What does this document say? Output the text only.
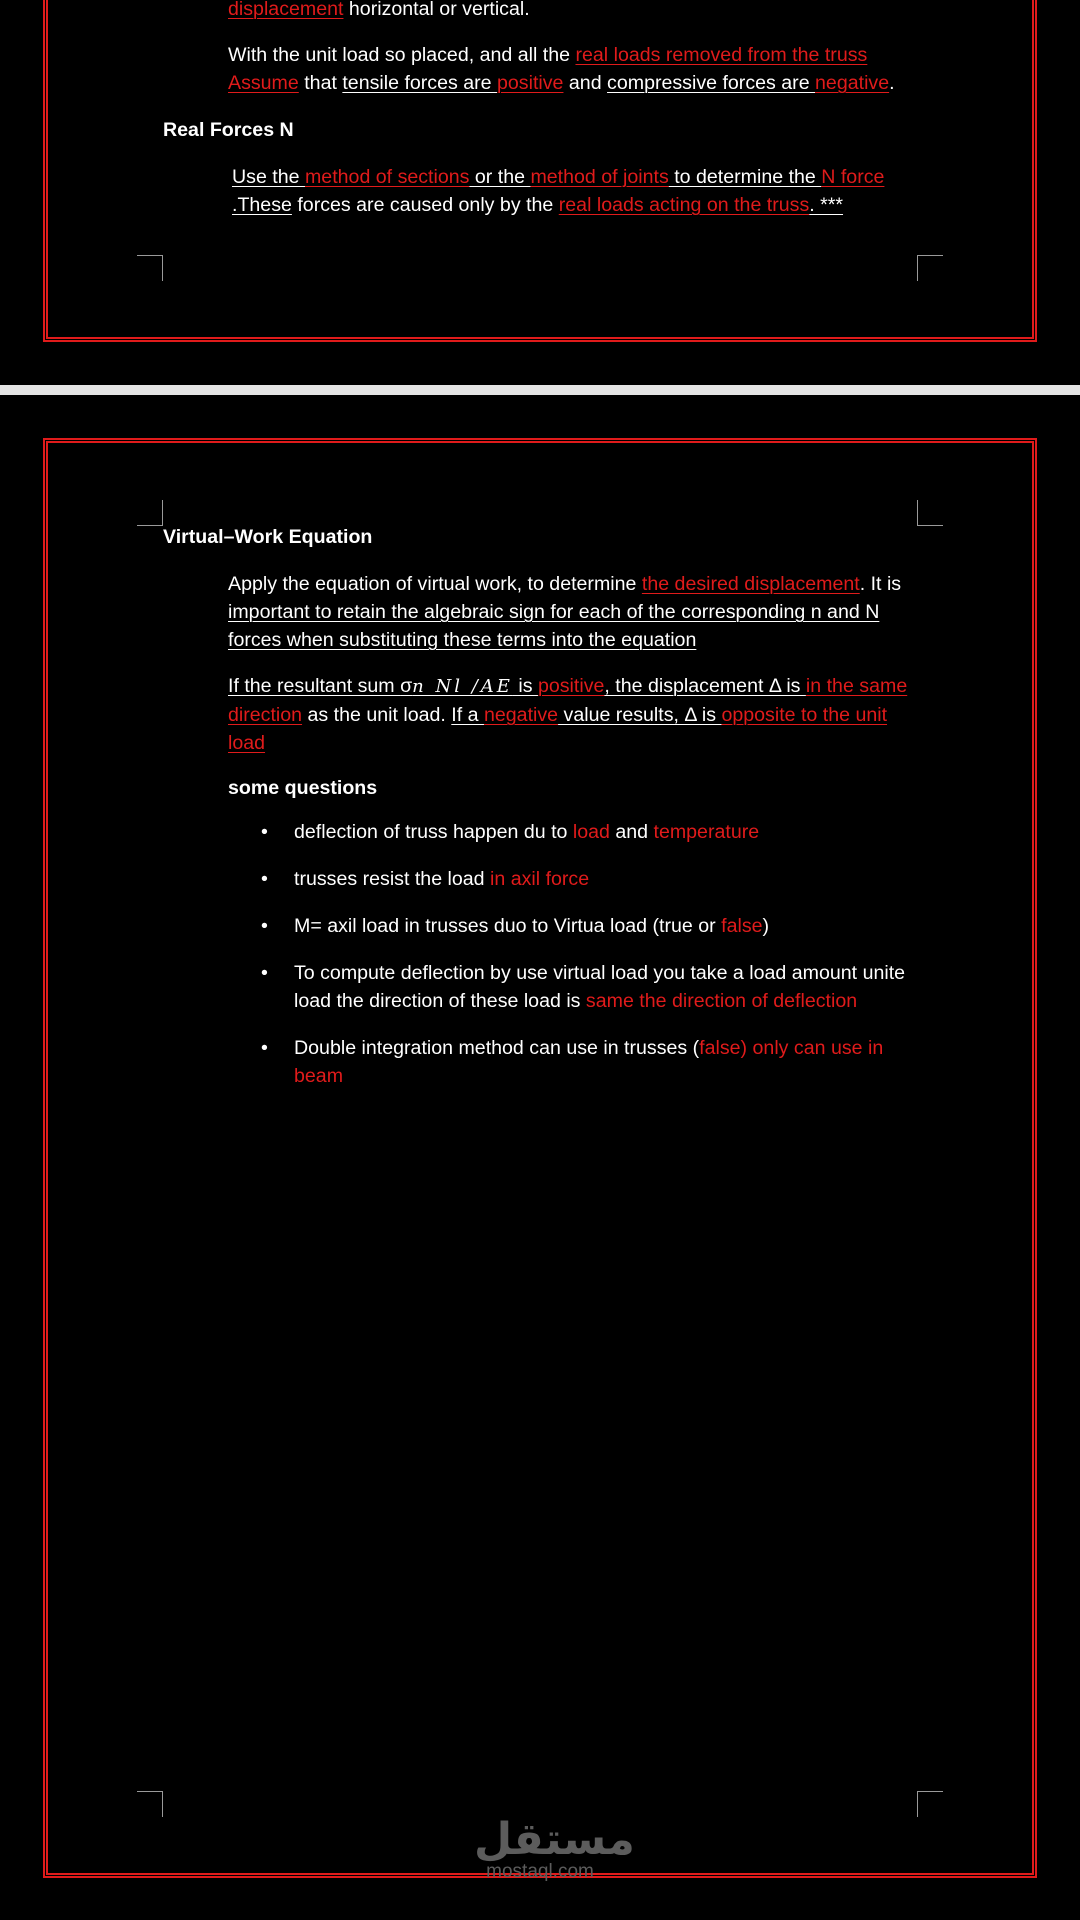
displacement horizontal or vertical.
With the unit load so placed, and all the real loads removed from the truss
Assume that tensile forces are positive and compressive forces are negative.
Real Forces N
Use the method of sections or the method of joints to determine the N force
.These forces are caused only by the real loads acting on the truss. ***
Virtual–Work Equation
Apply the equation of virtual work, to determine the desired displacement. It is important to retain the algebraic sign for each of the corresponding n and N forces when substituting these terms into the equation
If the resultant sum σn Nl /AE is positive, the displacement Δ is in the same direction as the unit load. If a negative value results, Δ is opposite to the unit load
some questions
• deflection of truss happen du to load and temperature
• trusses resist the load in axil force
• M= axil load in trusses duo to Virtua load (true or false)
• To compute deflection by use virtual load you take a load amount unite load the direction of these load is same the direction of deflection
• Double integration method can use in trusses (false) only can use in beam
مستقل
mostaql.com
